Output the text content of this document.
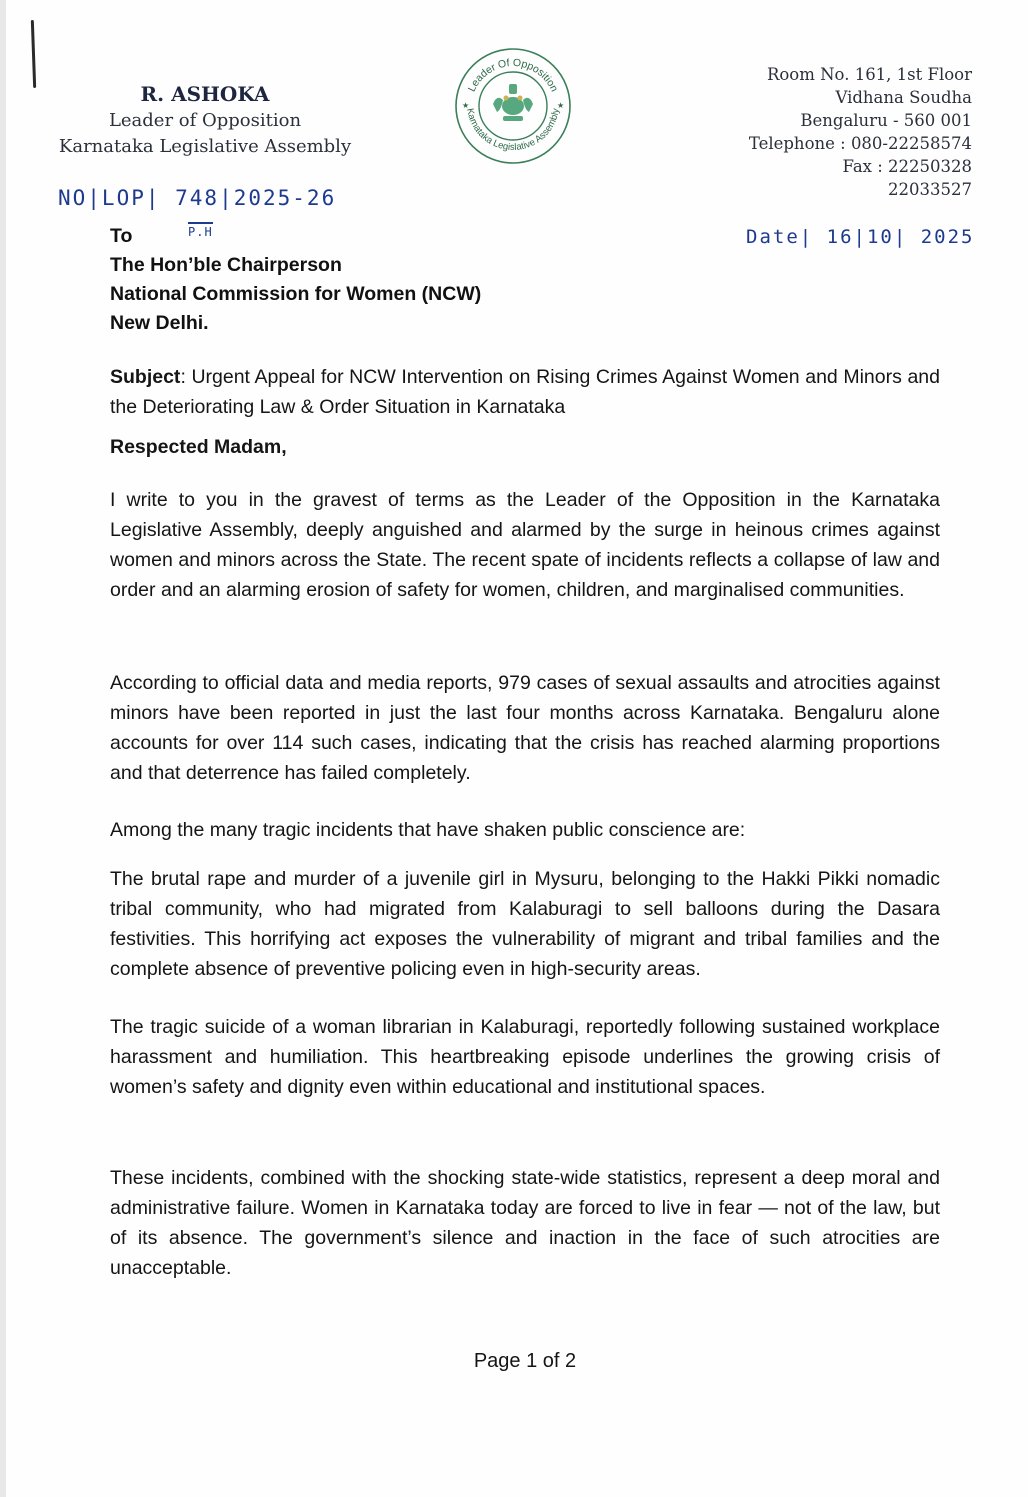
R. ASHOKA
Leader of Opposition
Karnataka Legislative Assembly
Leader Of Opposition
Karnataka Legislative Assembly
★	★
Room No. 161, 1st Floor
Vidhana Soudha
Bengaluru - 560 001
Telephone : 080-22258574
Fax : 22250328
22033527
NO|LOP| 748|2025-26
P.H	Date| 16|10| 2025
To
The Hon’ble Chairperson
National Commission for Women (NCW)
New Delhi.
Subject: Urgent Appeal for NCW Intervention on Rising Crimes Against Women and Minors and the Deteriorating Law & Order Situation in Karnataka
Respected Madam,
I write to you in the gravest of terms as the Leader of the Opposition in the Karnataka Legislative Assembly, deeply anguished and alarmed by the surge in heinous crimes against women and minors across the State. The recent spate of incidents reflects a collapse of law and order and an alarming erosion of safety for women, children, and marginalised communities.
According to official data and media reports, 979 cases of sexual assaults and atrocities against minors have been reported in just the last four months across Karnataka. Bengaluru alone accounts for over 114 such cases, indicating that the crisis has reached alarming proportions and that deterrence has failed completely.
Among the many tragic incidents that have shaken public conscience are:
The brutal rape and murder of a juvenile girl in Mysuru, belonging to the Hakki Pikki nomadic tribal community, who had migrated from Kalaburagi to sell balloons during the Dasara festivities. This horrifying act exposes the vulnerability of migrant and tribal families and the complete absence of preventive policing even in high-security areas.
The tragic suicide of a woman librarian in Kalaburagi, reportedly following sustained workplace harassment and humiliation. This heartbreaking episode underlines the growing crisis of women’s safety and dignity even within educational and institutional spaces.
These incidents, combined with the shocking state-wide statistics, represent a deep moral and administrative failure. Women in Karnataka today are forced to live in fear — not of the law, but of its absence. The government’s silence and inaction in the face of such atrocities are unacceptable.
Page 1 of 2
